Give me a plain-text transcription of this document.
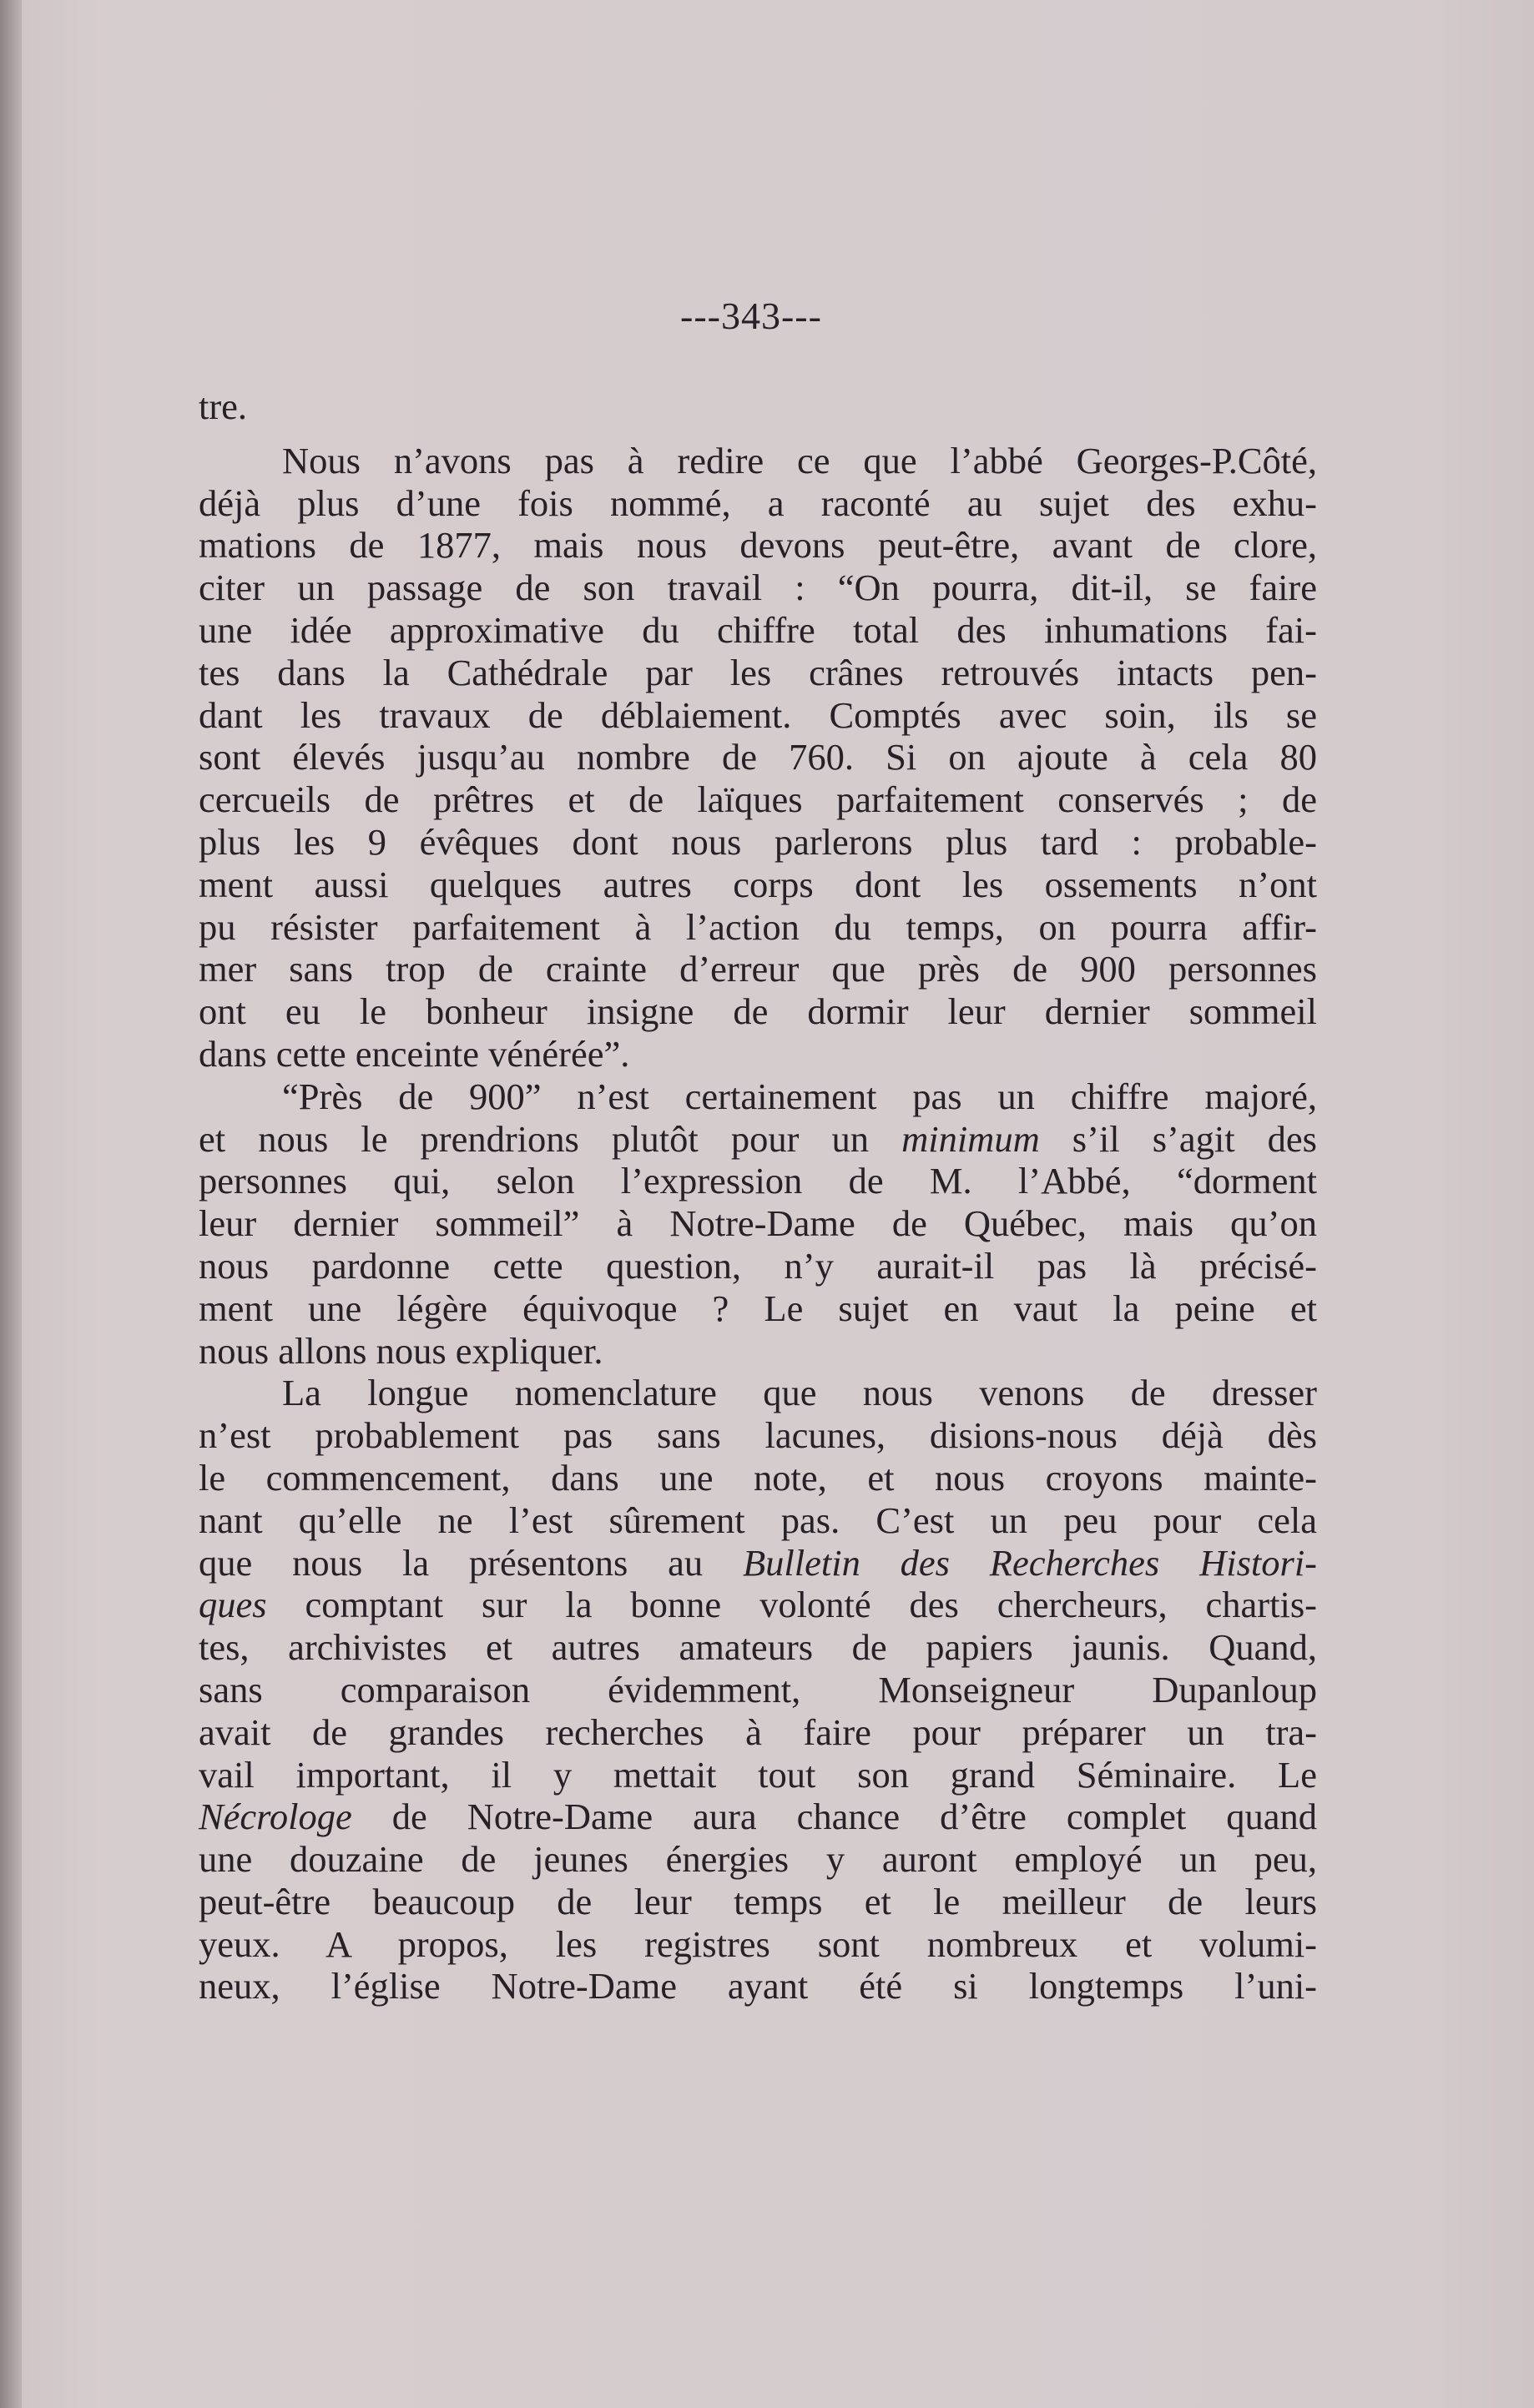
---343---
tre.
Nous n’avons pas à redire ce que l’abbé Georges-P.Côté,
déjà plus d’une fois nommé, a raconté au sujet des exhu-
mations de 1877, mais nous devons peut-être, avant de clore,
citer un passage de son travail : “On pourra, dit-il, se faire
une idée approximative du chiffre total des inhumations fai-
tes dans la Cathédrale par les crânes retrouvés intacts pen-
dant les travaux de déblaiement. Comptés avec soin, ils se
sont élevés jusqu’au nombre de 760. Si on ajoute à cela 80
cercueils de prêtres et de laïques parfaitement conservés ; de
plus les 9 évêques dont nous parlerons plus tard : probable-
ment aussi quelques autres corps dont les ossements n’ont
pu résister parfaitement à l’action du temps, on pourra affir-
mer sans trop de crainte d’erreur que près de 900 personnes
ont eu le bonheur insigne de dormir leur dernier sommeil
dans cette enceinte vénérée”.
“Près de 900” n’est certainement pas un chiffre majoré,
et nous le prendrions plutôt pour un minimum s’il s’agit des
personnes qui, selon l’expression de M. l’Abbé, “dorment
leur dernier sommeil” à Notre-Dame de Québec, mais qu’on
nous pardonne cette question, n’y aurait-il pas là précisé-
ment une légère équivoque ? Le sujet en vaut la peine et
nous allons nous expliquer.
La longue nomenclature que nous venons de dresser
n’est probablement pas sans lacunes, disions-nous déjà dès
le commencement, dans une note, et nous croyons mainte-
nant qu’elle ne l’est sûrement pas. C’est un peu pour cela
que nous la présentons au Bulletin des Recherches Histori-
ques comptant sur la bonne volonté des chercheurs, chartis-
tes, archivistes et autres amateurs de papiers jaunis. Quand,
sans comparaison évidemment, Monseigneur Dupanloup
avait de grandes recherches à faire pour préparer un tra-
vail important, il y mettait tout son grand Séminaire. Le
Nécrologe de Notre-Dame aura chance d’être complet quand
une douzaine de jeunes énergies y auront employé un peu,
peut-être beaucoup de leur temps et le meilleur de leurs
yeux. A propos, les registres sont nombreux et volumi-
neux, l’église Notre-Dame ayant été si longtemps l’uni-
